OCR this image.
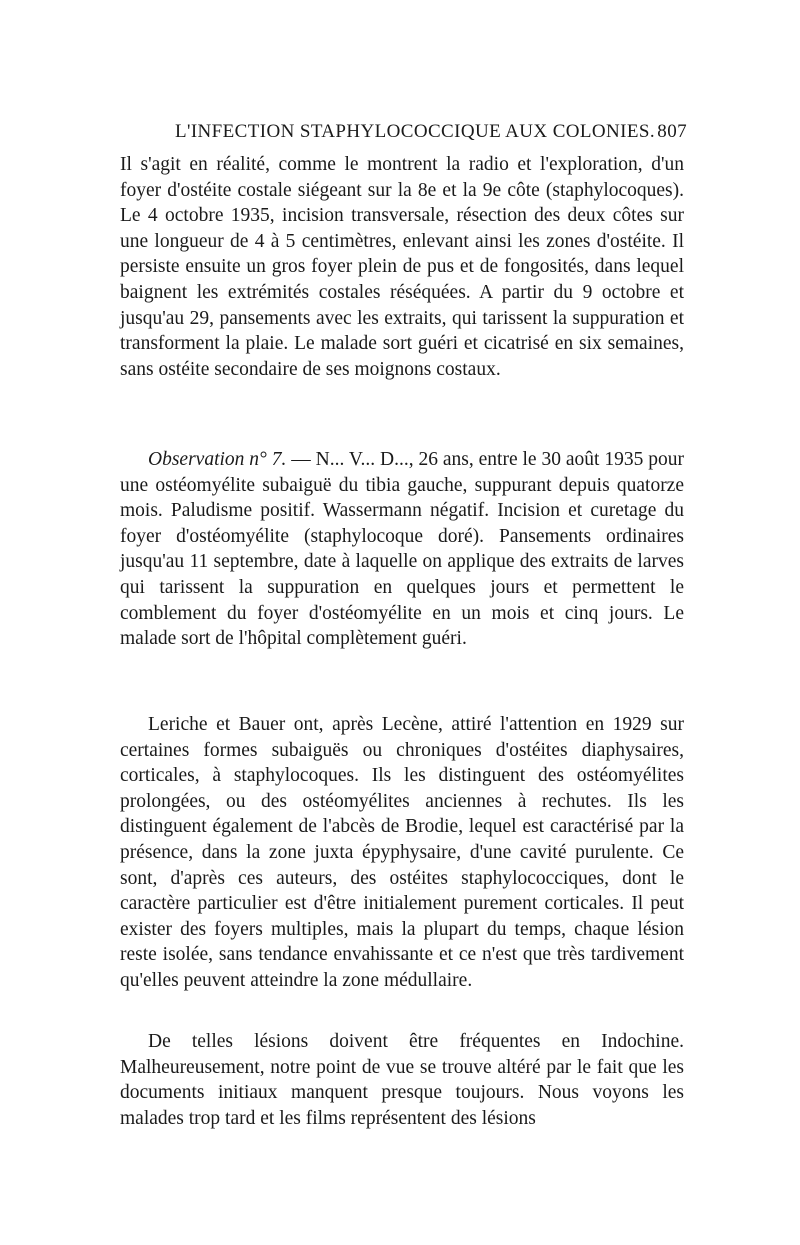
L'INFECTION STAPHYLOCOCCIQUE AUX COLONIES. 807

Il s'agit en réalité, comme le montrent la radio et l'exploration, d'un foyer d'ostéite costale siégeant sur la 8e et la 9e côte (staphylocoques). Le 4 octobre 1935, incision transversale, résection des deux côtes sur une longueur de 4 à 5 centimètres, enlevant ainsi les zones d'ostéite. Il persiste ensuite un gros foyer plein de pus et de fongosités, dans lequel baignent les extrémités costales réséquées. A partir du 9 octobre et jusqu'au 29, pansements avec les extraits, qui tarissent la suppuration et transforment la plaie. Le malade sort guéri et cicatrisé en six semaines, sans ostéite secondaire de ses moignons costaux.

Observation n° 7. — N... V... D..., 26 ans, entre le 30 août 1935 pour une ostéomyélite subaiguë du tibia gauche, suppurant depuis quatorze mois. Paludisme positif. Wassermann négatif. Incision et curetage du foyer d'ostéomyélite (staphylocoque doré). Pansements ordinaires jusqu'au 11 septembre, date à laquelle on applique des extraits de larves qui tarissent la suppuration en quelques jours et permettent le comblement du foyer d'ostéomyélite en un mois et cinq jours. Le malade sort de l'hôpital complètement guéri.

Leriche et Bauer ont, après Lecène, attiré l'attention en 1929 sur certaines formes subaiguës ou chroniques d'ostéites diaphysaires, corticales, à staphylocoques. Ils les distinguent des ostéomyélites prolongées, ou des ostéomyélites anciennes à rechutes. Ils les distinguent également de l'abcès de Brodie, lequel est caractérisé par la présence, dans la zone juxta épyphysaire, d'une cavité purulente. Ce sont, d'après ces auteurs, des ostéites staphylococciques, dont le caractère particulier est d'être initialement purement corticales. Il peut exister des foyers multiples, mais la plupart du temps, chaque lésion reste isolée, sans tendance envahissante et ce n'est que très tardivement qu'elles peuvent atteindre la zone médullaire.

De telles lésions doivent être fréquentes en Indochine. Malheureusement, notre point de vue se trouve altéré par le fait que les documents initiaux manquent presque toujours. Nous voyons les malades trop tard et les films représentent des lésions
